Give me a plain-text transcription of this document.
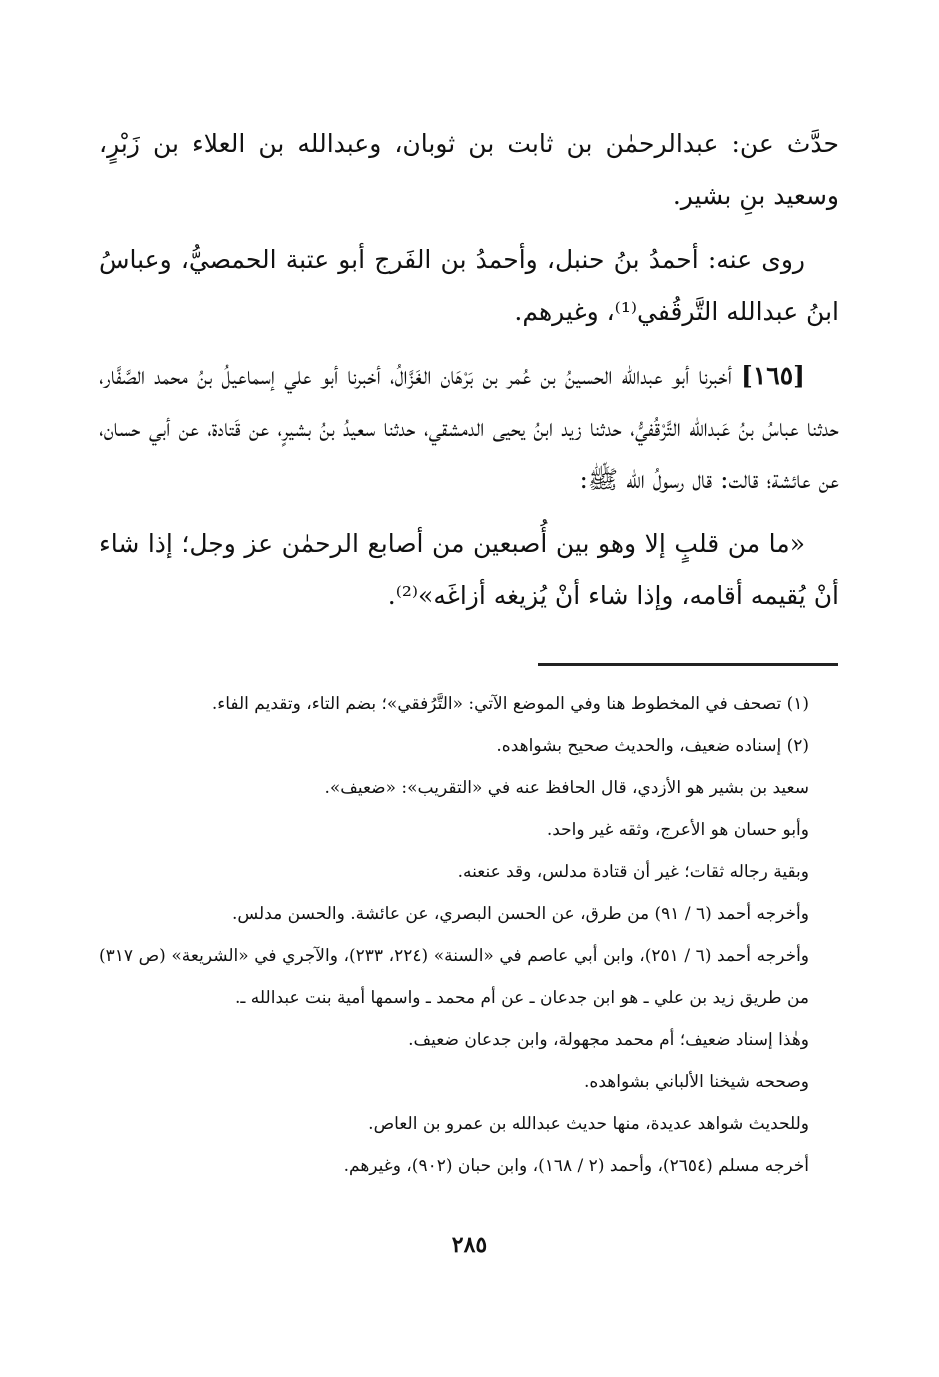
حدَّث عن: عبدالرحمٰن بن ثابت بن ثوبان، وعبدالله بن العلاء بن زَبْرٍ، وسعيد بنِ بشير.

روى عنه: أحمدُ بنُ حنبل، وأحمدُ بن الفَرج أبو عتبة الحمصيُّ، وعباسُ ابنُ عبدالله التَّرقُفي⁽¹⁾، وغيرهم.

[١٦٥] أخبرنا أبو عبدالله الحسينُ بن عُمر بن بَرْهَان الغَزَّالُ، أخبرنا أبو علي إسماعيلُ بنُ محمد الصَّفَّار، حدثنا عباسُ بنُ عَبدالله التَّرْقُفيُّ، حدثنا زيد ابنُ يحيى الدمشقي، حدثنا سعيدُ بنُ بشيرٍ، عن قَتادة، عن أبي حسان، عن عائشة؛ قالت: قال رسولُ الله ﷺ:

«ما من قلبٍ إلا وهو بين أُصبعين من أصابع الرحمٰن عز وجل؛ إذا شاء أنْ يُقيمه أقامه، وإذا شاء أنْ يُزيغه أزاغَه»⁽²⁾.

(١) تصحف في المخطوط هنا وفي الموضع الآتي: «التَّرُفقي»؛ بضم التاء، وتقديم الفاء.
(٢) إسناده ضعيف، والحديث صحيح بشواهده.
سعيد بن بشير هو الأزدي، قال الحافظ عنه في «التقريب»: «ضعيف».
وأبو حسان هو الأعرج، وثقه غير واحد.
وبقية رجاله ثقات؛ غير أن قتادة مدلس، وقد عنعنه.
وأخرجه أحمد (٦ / ٩١) من طرق، عن الحسن البصري، عن عائشة. والحسن مدلس.
وأخرجه أحمد (٦ / ٢٥١)، وابن أبي عاصم في «السنة» (٢٢٤، ٢٣٣)، والآجري في «الشريعة» (ص ٣١٧) من طريق زيد بن علي ـ هو ابن جدعان ـ عن أم محمد ـ واسمها أمية بنت عبدالله ـ.
وهٰذا إسناد ضعيف؛ أم محمد مجهولة، وابن جدعان ضعيف.
وصححه شيخنا الألباني بشواهده.
وللحديث شواهد عديدة، منها حديث عبدالله بن عمرو بن العاص.
أخرجه مسلم (٢٦٥٤)، وأحمد (٢ / ١٦٨)، وابن حبان (٩٠٢)، وغيرهم.
٢٨٥
